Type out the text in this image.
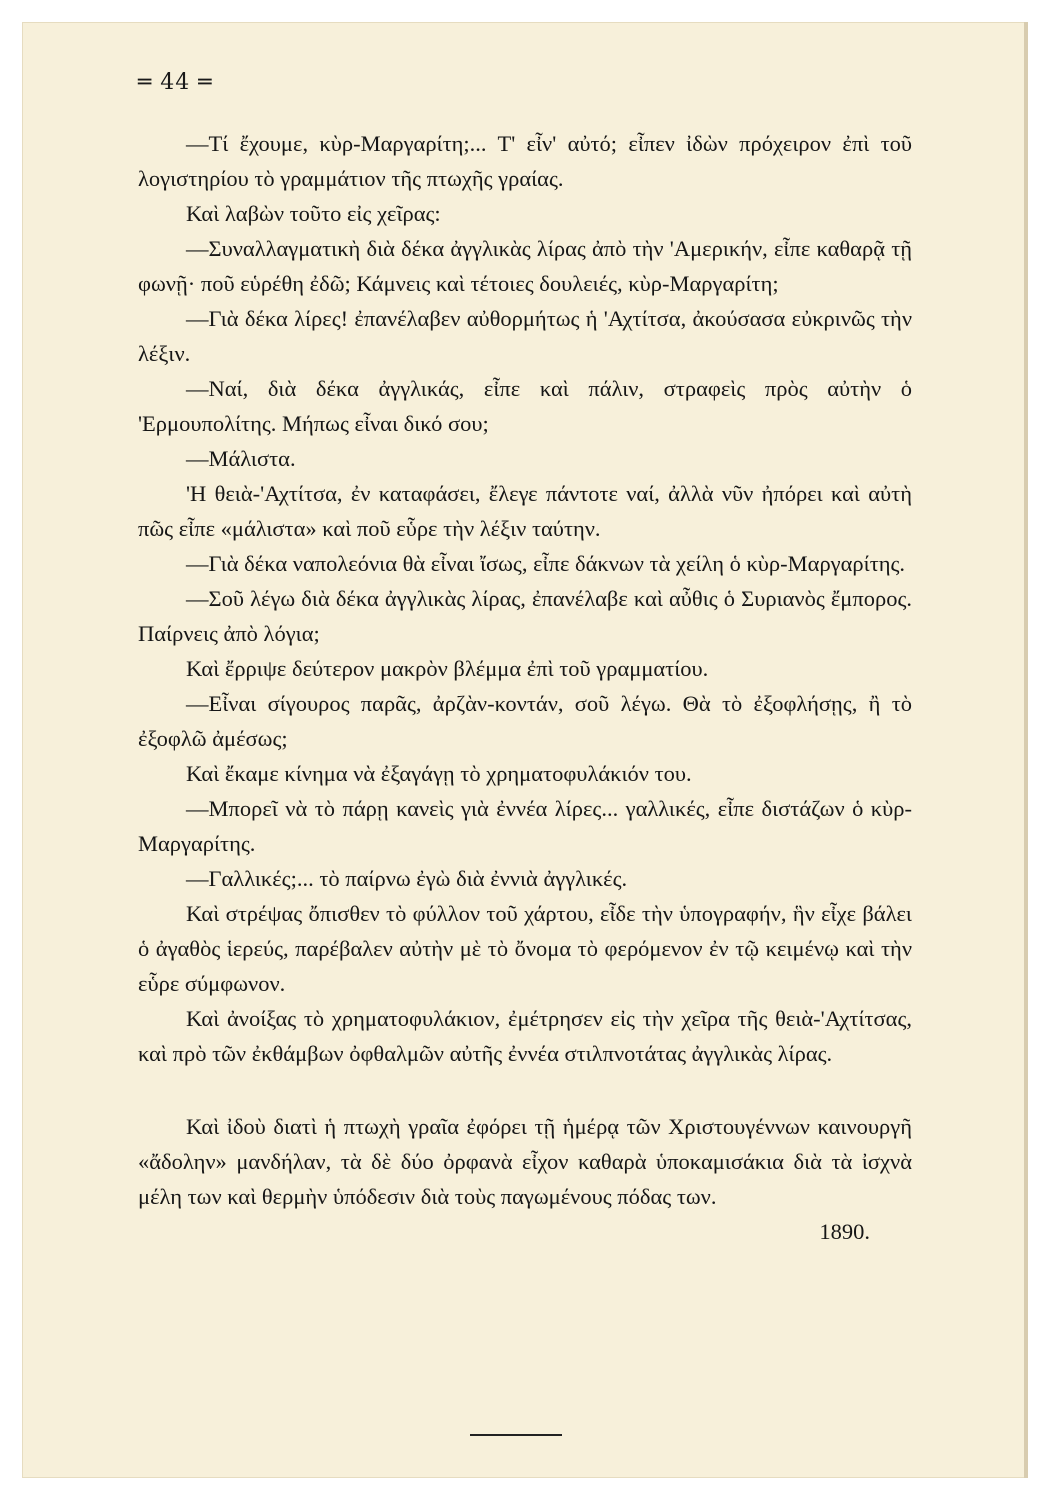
═ 44 ═

—Τί ἔχουμε, κὺρ-Μαργαρίτη;... Τ' εἶν' αὐτό; εἶπεν ἰδὼν πρόχειρον ἐπὶ τοῦ λογιστηρίου τὸ γραμμάτιον τῆς πτωχῆς γραίας.

Καὶ λαβὼν τοῦτο εἰς χεῖρας:

—Συναλλαγματικὴ διὰ δέκα ἀγγλικὰς λίρας ἀπὸ τὴν 'Αμερικήν, εἶπε καθαρᾷ τῇ φωνῇ· ποῦ εὑρέθη ἐδῶ; Κάμνεις καὶ τέτοιες δουλειές, κὺρ-Μαργαρίτη;

—Γιὰ δέκα λίρες! ἐπανέλαβεν αὐθορμήτως ἡ 'Αχτίτσα, ἀκούσασα εὐκρινῶς τὴν λέξιν.

—Ναί, διὰ δέκα ἀγγλικάς, εἶπε καὶ πάλιν, στραφεὶς πρὸς αὐτὴν ὁ 'Ερμουπολίτης. Μήπως εἶναι δικό σου;

—Μάλιστα.

'Η θειὰ-'Αχτίτσα, ἐν καταφάσει, ἔλεγε πάντοτε ναί, ἀλλὰ νῦν ἠπόρει καὶ αὐτὴ πῶς εἶπε «μάλιστα» καὶ ποῦ εὗρε τὴν λέξιν ταύτην.

—Γιὰ δέκα ναπολεόνια θὰ εἶναι ἴσως, εἶπε δάκνων τὰ χείλη ὁ κὺρ-Μαργαρίτης.

—Σοῦ λέγω διὰ δέκα ἀγγλικὰς λίρας, ἐπανέλαβε καὶ αὖθις ὁ Συριανὸς ἔμπορος. Παίρνεις ἀπὸ λόγια;

Καὶ ἔρριψε δεύτερον μακρὸν βλέμμα ἐπὶ τοῦ γραμματίου.

—Εἶναι σίγουρος παρᾶς, ἀρζὰν-κοντάν, σοῦ λέγω. Θὰ τὸ ἐξοφλήσῃς, ἢ τὸ ἐξοφλῶ ἀμέσως;

Καὶ ἔκαμε κίνημα νὰ ἐξαγάγῃ τὸ χρηματοφυλάκιόν του.

—Μπορεῖ νὰ τὸ πάρῃ κανεὶς γιὰ ἐννέα λίρες... γαλλικές, εἶπε διστάζων ὁ κὺρ-Μαργαρίτης.

—Γαλλικές;... τὸ παίρνω ἐγὼ διὰ ἐννιὰ ἀγγλικές.

Καὶ στρέψας ὄπισθεν τὸ φύλλον τοῦ χάρτου, εἶδε τὴν ὑπογραφήν, ἣν εἶχε βάλει ὁ ἀγαθὸς ἱερεύς, παρέβαλεν αὐτὴν μὲ τὸ ὄνομα τὸ φερόμενον ἐν τῷ κειμένῳ καὶ τὴν εὗρε σύμφωνον.

Καὶ ἀνοίξας τὸ χρηματοφυλάκιον, ἐμέτρησεν εἰς τὴν χεῖρα τῆς θειὰ-'Αχτίτσας, καὶ πρὸ τῶν ἐκθάμβων ὀφθαλμῶν αὐτῆς ἐννέα στιλπνοτάτας ἀγγλικὰς λίρας.

Καὶ ἰδοὺ διατὶ ἡ πτωχὴ γραῖα ἐφόρει τῇ ἡμέρᾳ τῶν Χριστουγέννων καινουργῆ «ἄδολην» μανδήλαν, τὰ δὲ δύο ὀρφανὰ εἶχον καθαρὰ ὑποκαμισάκια διὰ τὰ ἰσχνὰ μέλη των καὶ θερμὴν ὑπόδεσιν διὰ τοὺς παγωμένους πόδας των.

1890.
